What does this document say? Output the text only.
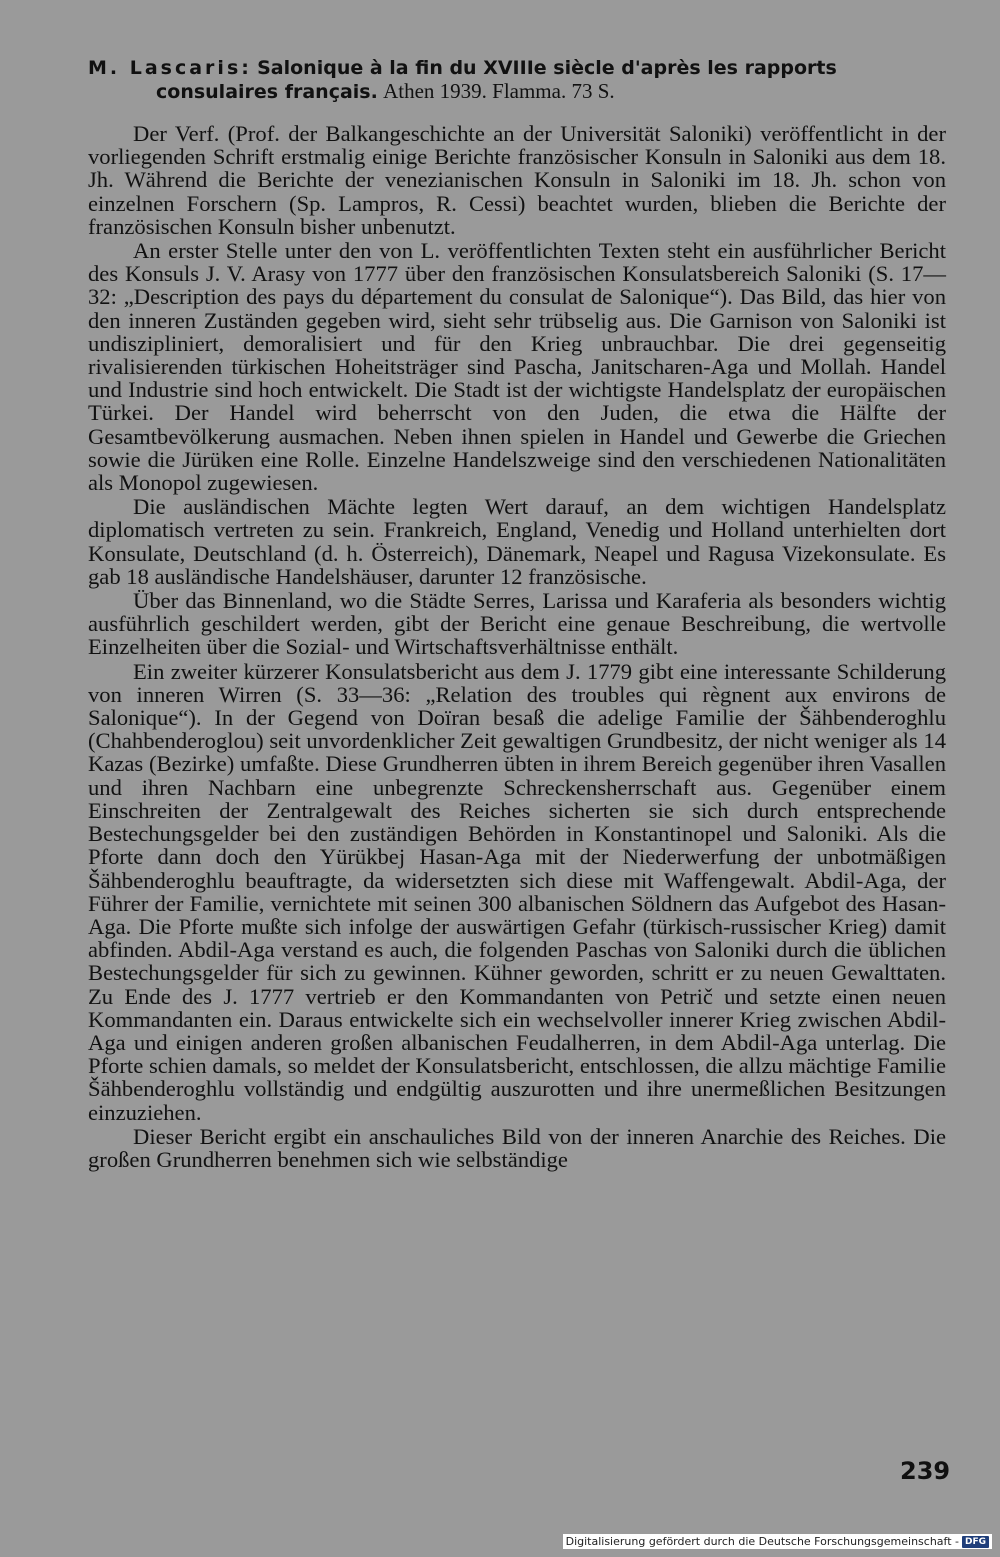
M. Lascaris: Salonique à la fin du XVIIIe siècle d'après les rapports
consulaires français. Athen 1939. Flamma. 73 S.

Der Verf. (Prof. der Balkangeschichte an der Universität Saloniki) veröffentlicht in der vorliegenden Schrift erstmalig einige Berichte französischer Konsuln in Saloniki aus dem 18. Jh. Während die Berichte der venezianischen Konsuln in Saloniki im 18. Jh. schon von einzelnen Forschern (Sp. Lampros, R. Cessi) beachtet wurden, blieben die Berichte der französischen Konsuln bisher unbenutzt.

An erster Stelle unter den von L. veröffentlichten Texten steht ein ausführlicher Bericht des Konsuls J. V. Arasy von 1777 über den französischen Konsulatsbereich Saloniki (S. 17—32: „Description des pays du département du consulat de Salonique“). Das Bild, das hier von den inneren Zuständen gegeben wird, sieht sehr trübselig aus. Die Garnison von Saloniki ist undiszipliniert, demoralisiert und für den Krieg unbrauchbar. Die drei gegenseitig rivalisierenden türkischen Hoheitsträger sind Pascha, Janitscharen-Aga und Mollah. Handel und Industrie sind hoch entwickelt. Die Stadt ist der wichtigste Handelsplatz der europäischen Türkei. Der Handel wird beherrscht von den Juden, die etwa die Hälfte der Gesamtbevölkerung ausmachen. Neben ihnen spielen in Handel und Gewerbe die Griechen sowie die Jürüken eine Rolle. Einzelne Handelszweige sind den verschiedenen Nationalitäten als Monopol zugewiesen.

Die ausländischen Mächte legten Wert darauf, an dem wichtigen Handelsplatz diplomatisch vertreten zu sein. Frankreich, England, Venedig und Holland unterhielten dort Konsulate, Deutschland (d. h. Österreich), Dänemark, Neapel und Ragusa Vizekonsulate. Es gab 18 ausländische Handelshäuser, darunter 12 französische.

Über das Binnenland, wo die Städte Serres, Larissa und Karaferia als besonders wichtig ausführlich geschildert werden, gibt der Bericht eine genaue Beschreibung, die wertvolle Einzelheiten über die Sozial- und Wirtschaftsverhältnisse enthält.

Ein zweiter kürzerer Konsulatsbericht aus dem J. 1779 gibt eine interessante Schilderung von inneren Wirren (S. 33—36: „Relation des troubles qui règnent aux environs de Salonique“). In der Gegend von Doïran besaß die adelige Familie der Šähbenderoghlu (Chahbenderoglou) seit unvordenklicher Zeit gewaltigen Grundbesitz, der nicht weniger als 14 Kazas (Bezirke) umfaßte. Diese Grundherren übten in ihrem Bereich gegenüber ihren Vasallen und ihren Nachbarn eine unbegrenzte Schreckensherrschaft aus. Gegenüber einem Einschreiten der Zentralgewalt des Reiches sicherten sie sich durch entsprechende Bestechungsgelder bei den zuständigen Behörden in Konstantinopel und Saloniki. Als die Pforte dann doch den Yürükbej Hasan-Aga mit der Niederwerfung der unbotmäßigen Šähbenderoghlu beauftragte, da widersetzten sich diese mit Waffengewalt. Abdil-Aga, der Führer der Familie, vernichtete mit seinen 300 albanischen Söldnern das Aufgebot des Hasan-Aga. Die Pforte mußte sich infolge der auswärtigen Gefahr (türkisch-russischer Krieg) damit abfinden. Abdil-Aga verstand es auch, die folgenden Paschas von Saloniki durch die üblichen Bestechungsgelder für sich zu gewinnen. Kühner geworden, schritt er zu neuen Gewalttaten. Zu Ende des J. 1777 vertrieb er den Kommandanten von Petrič und setzte einen neuen Kommandanten ein. Daraus entwickelte sich ein wechselvoller innerer Krieg zwischen Abdil-Aga und einigen anderen großen albanischen Feudalherren, in dem Abdil-Aga unterlag. Die Pforte schien damals, so meldet der Konsulatsbericht, entschlossen, die allzu mächtige Familie Šähbenderoghlu vollständig und endgültig auszurotten und ihre unermeßlichen Besitzungen einzuziehen.

Dieser Bericht ergibt ein anschauliches Bild von der inneren Anarchie des Reiches. Die großen Grundherren benehmen sich wie selbständige

239
Digitalisierung gefördert durch die Deutsche Forschungsgemeinschaft - DFG
